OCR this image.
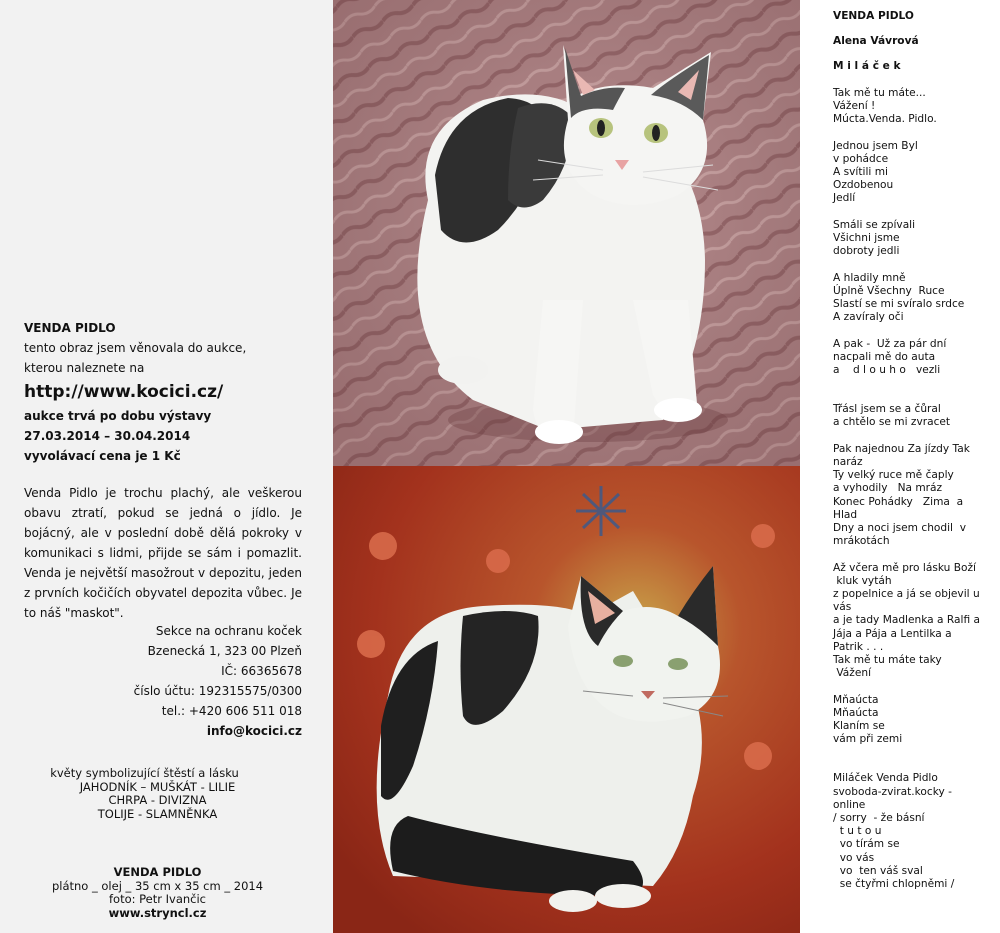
VENDA PIDLO
tento obraz jsem věnovala do aukce,
kterou naleznete na
http://www.kocici.cz/
aukce trvá po dobu výstavy
27.03.2014 – 30.04.2014
vyvolávací cena je 1 Kč
Venda Pidlo je trochu plachý, ale veškerou obavu ztratí, pokud se jedná o jídlo. Je bojácný, ale v poslední době dělá pokroky v komunikaci s lidmi, přijde se sám i pomazlit. Venda je největší masožrout v depozitu, jeden z prvních kočičích obyvatel depozita vůbec. Je to náš "maskot".
Sekce na ochranu koček
Bzenecká 1, 323 00 Plzeň
IČ: 66365678
číslo účtu: 192315575/0300
tel.: +420 606 511 018
info@kocici.cz
květy symbolizující štěstí a lásku
JAHODNÍK – MUŠKÁT - LILIE
CHRPA - DIVIZNA
TOLIJE - SLAMNĚNKA
VENDA PIDLO
plátno _ olej _ 35 cm x 35 cm _ 2014
foto: Petr Ivančic
www.stryncl.cz
VENDA PIDLO
Alena Vávrová
M i l á č e k
Tak mě tu máte...
Vážení !
Múcta.Venda. Pidlo.
Jednou jsem Byl
v pohádce
A svítili mi
Ozdobenou
Jedlí
Smáli se zpívali
Všichni jsme
dobroty jedli
A hladily mně
Úplně Všechny  Ruce
Slastí se mi svíralo srdce
A zavíraly oči
A pak -  Už za pár dní
nacpali mě do auta
a    d l o u h o   vezli
Třásl jsem se a čůral
a chtělo se mi zvracet
Pak najednou Za jízdy Tak
naráz
Ty velký ruce mě čaply
a vyhodily   Na mráz
Konec Pohádky   Zima  a
Hlad
Dny a noci jsem chodil  v
mrákotách
Až včera mě pro lásku Boží
kluk vytáh
z popelnice a já se objevil u
vás
a je tady Madlenka a Ralfi a
Jája a Pája a Lentilka a
Patrik . . .
Tak mě tu máte taky
Vážení
Mňaúcta
Mňaúcta
Klaním se
vám při zemi
Miláček Venda Pidlo
svoboda-zvirat.kocky -
online
/ sorry  - že básní
t u t o u
vo tírám se
vo vás
vo  ten váš sval
se čtyřmi chlopněmi /
